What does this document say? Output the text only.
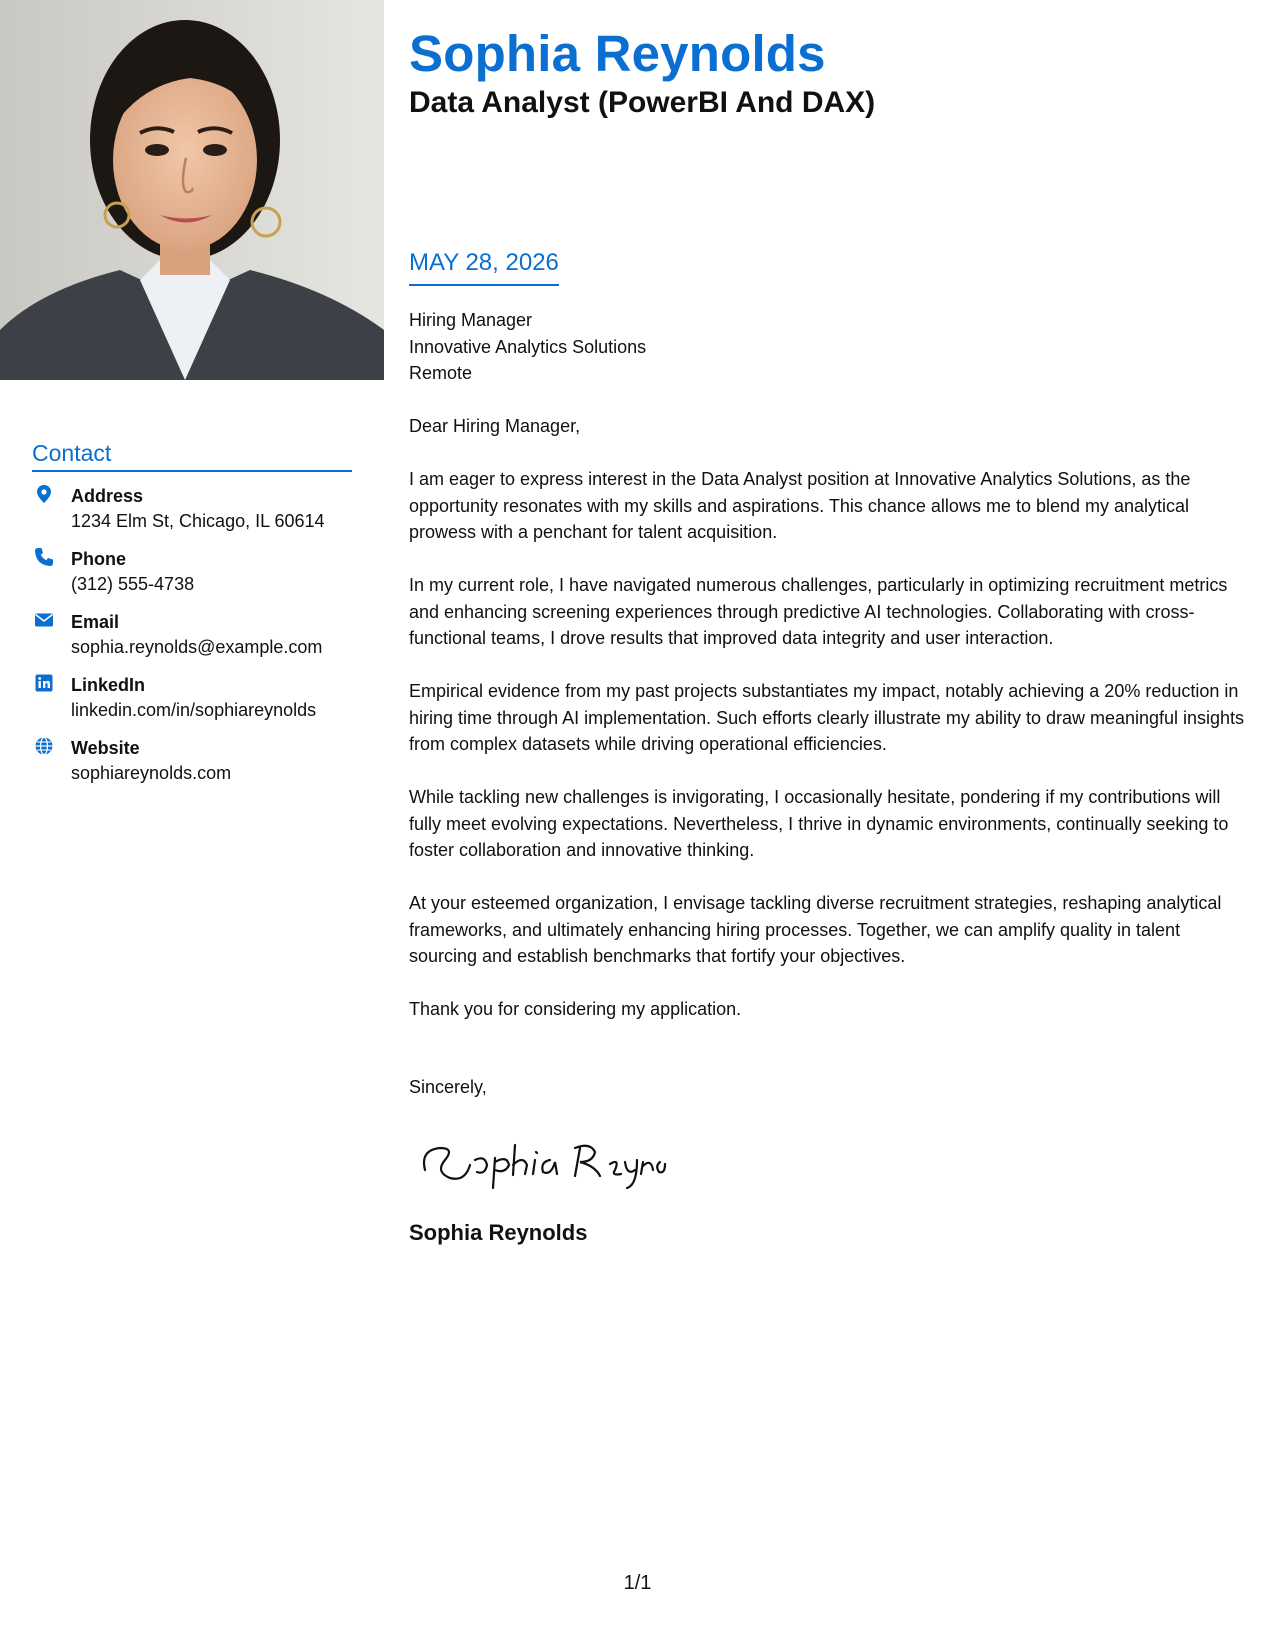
Sophia Reynolds
Data Analyst (PowerBI And DAX)
MAY 28, 2026
Hiring Manager
Innovative Analytics Solutions
Remote

Dear Hiring Manager,

I am eager to express interest in the Data Analyst position at Innovative Analytics Solutions, as the opportunity resonates with my skills and aspirations. This chance allows me to blend my analytical prowess with a penchant for talent acquisition.

In my current role, I have navigated numerous challenges, particularly in optimizing recruitment metrics and enhancing screening experiences through predictive AI technologies. Collaborating with cross-functional teams, I drove results that improved data integrity and user interaction.

Empirical evidence from my past projects substantiates my impact, notably achieving a 20% reduction in hiring time through AI implementation. Such efforts clearly illustrate my ability to draw meaningful insights from complex datasets while driving operational efficiencies.

While tackling new challenges is invigorating, I occasionally hesitate, pondering if my contributions will fully meet evolving expectations. Nevertheless, I thrive in dynamic environments, continually seeking to foster collaboration and innovative thinking.

At your esteemed organization, I envisage tackling diverse recruitment strategies, reshaping analytical frameworks, and ultimately enhancing hiring processes. Together, we can amplify quality in talent sourcing and establish benchmarks that fortify your objectives.

Thank you for considering my application.

Sincerely,
Sophia Reynolds
Contact
Address
1234 Elm St, Chicago, IL 60614
Phone
(312) 555-4738
Email
sophia.reynolds@example.com
LinkedIn
linkedin.com/in/sophiareynolds
Website
sophiareynolds.com
1/1
